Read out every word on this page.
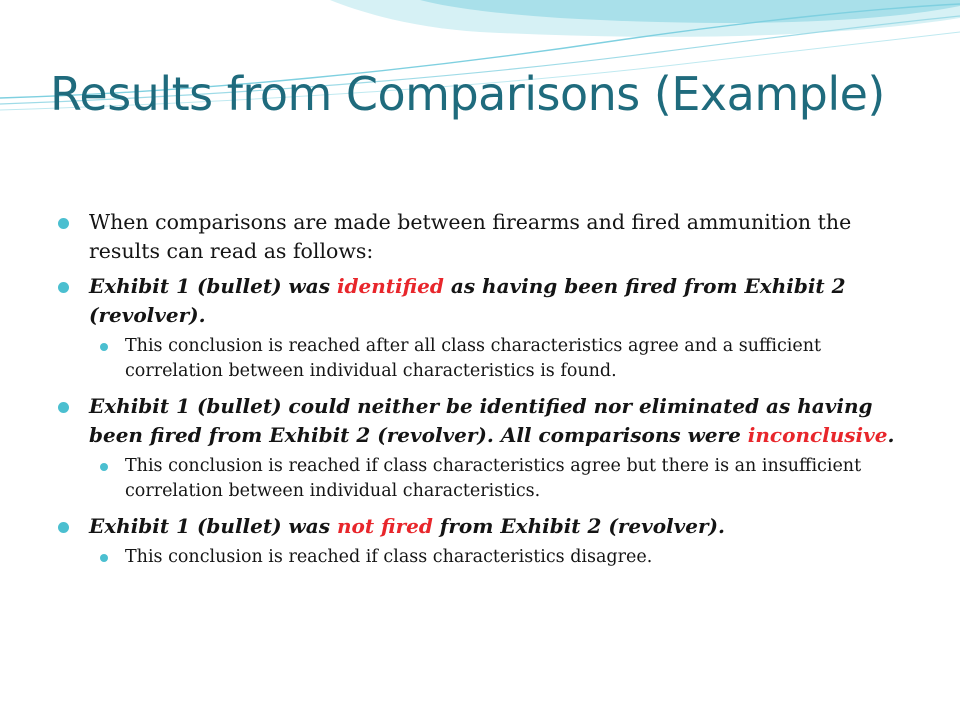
Results from Comparisons (Example)
When comparisons are made between firearms and fired ammunition the results can read as follows:
Exhibit 1 (bullet) was identified as having been fired from Exhibit 2 (revolver).
This conclusion is reached after all class characteristics agree and a sufficient correlation between individual characteristics is found.
Exhibit 1 (bullet) could neither be identified nor eliminated as having been fired from Exhibit 2 (revolver). All comparisons were inconclusive.
This conclusion is reached if class characteristics agree but there is an insufficient correlation between individual characteristics.
Exhibit 1 (bullet) was not fired from Exhibit 2 (revolver).
This conclusion is reached if class characteristics disagree.
